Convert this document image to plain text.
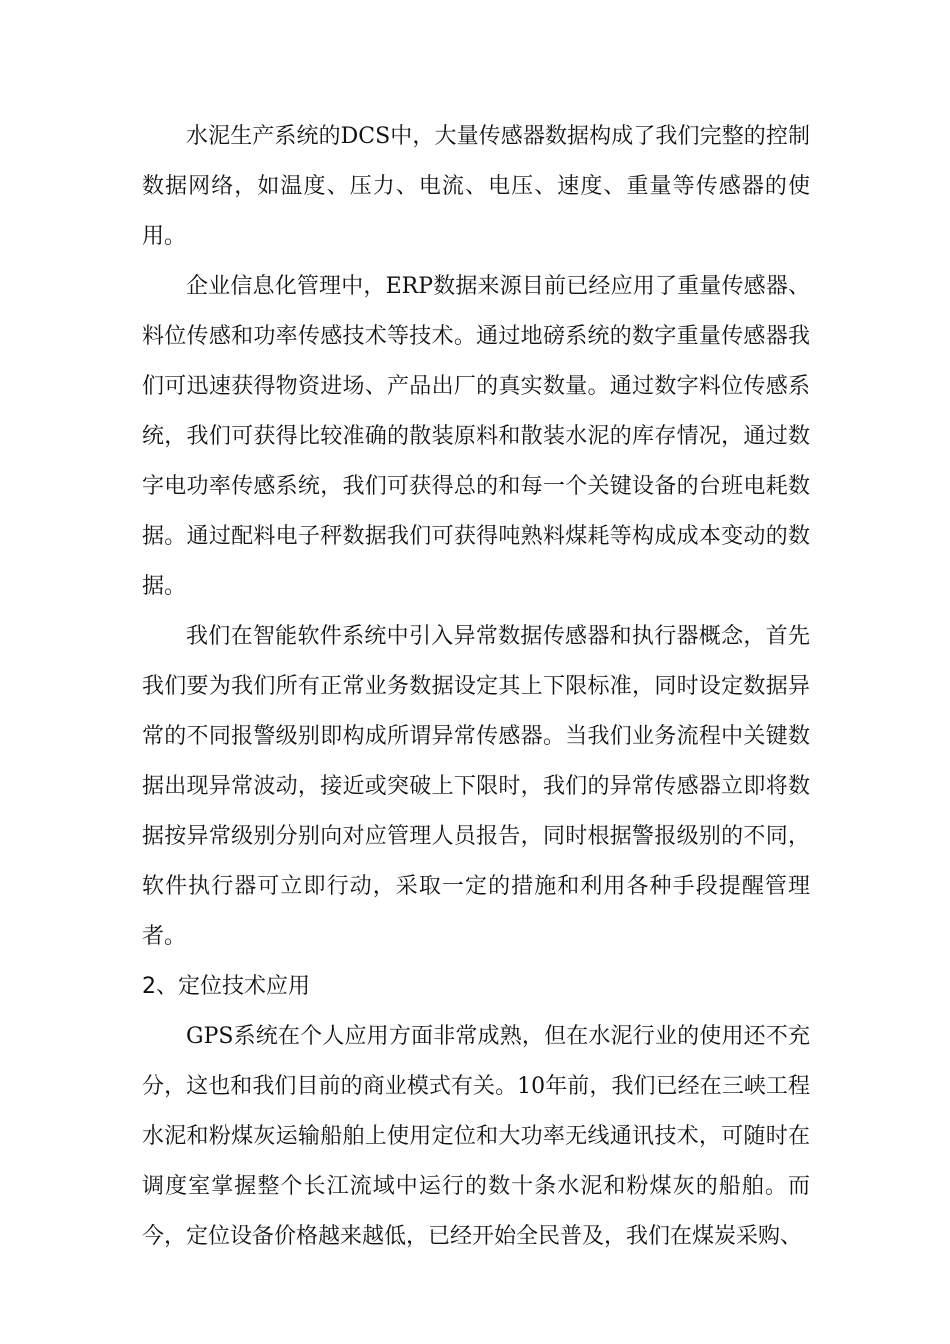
水泥生产系统的DCS中，大量传感器数据构成了我们完整的控制数据网络，如温度、压力、电流、电压、速度、重量等传感器的使用。

企业信息化管理中，ERP数据来源目前已经应用了重量传感器、料位传感和功率传感技术等技术。通过地磅系统的数字重量传感器我们可迅速获得物资进场、产品出厂的真实数量。通过数字料位传感系统，我们可获得比较准确的散装原料和散装水泥的库存情况，通过数字电功率传感系统，我们可获得总的和每一个关键设备的台班电耗数据。通过配料电子秤数据我们可获得吨熟料煤耗等构成成本变动的数据。

我们在智能软件系统中引入异常数据传感器和执行器概念，首先我们要为我们所有正常业务数据设定其上下限标准，同时设定数据异常的不同报警级别即构成所谓异常传感器。当我们业务流程中关键数据出现异常波动，接近或突破上下限时，我们的异常传感器立即将数据按异常级别分别向对应管理人员报告，同时根据警报级别的不同，软件执行器可立即行动，采取一定的措施和利用各种手段提醒管理者。

2、定位技术应用

GPS系统在个人应用方面非常成熟，但在水泥行业的使用还不充分，这也和我们目前的商业模式有关。10年前，我们已经在三峡工程水泥和粉煤灰运输船舶上使用定位和大功率无线通讯技术，可随时在调度室掌握整个长江流域中运行的数十条水泥和粉煤灰的船舶。而今，定位设备价格越来越低，已经开始全民普及，我们在煤炭采购、
